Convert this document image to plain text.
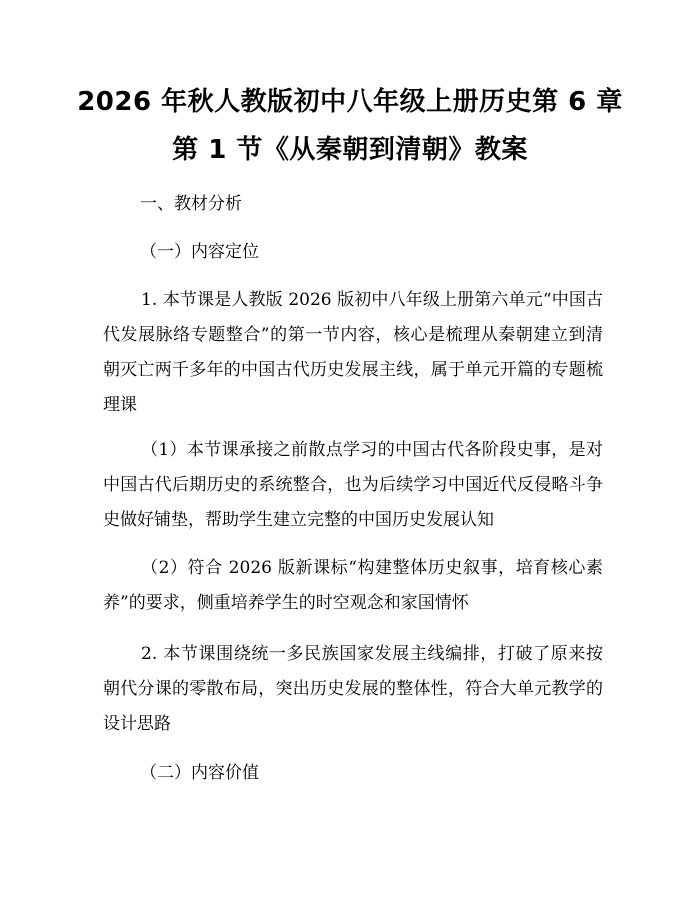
2026 年秋人教版初中八年级上册历史第 6 章
第 1 节《从秦朝到清朝》教案
一、教材分析
（一）内容定位
1. 本节课是人教版 2026 版初中八年级上册第六单元“中国古代发展脉络专题整合”的第一节内容，核心是梳理从秦朝建立到清朝灭亡两千多年的中国古代历史发展主线，属于单元开篇的专题梳理课
（1）本节课承接之前散点学习的中国古代各阶段史事，是对中国古代后期历史的系统整合，也为后续学习中国近代反侵略斗争史做好铺垫，帮助学生建立完整的中国历史发展认知
（2）符合 2026 版新课标“构建整体历史叙事，培育核心素养”的要求，侧重培养学生的时空观念和家国情怀
2. 本节课围绕统一多民族国家发展主线编排，打破了原来按朝代分课的零散布局，突出历史发展的整体性，符合大单元教学的设计思路
（二）内容价值
